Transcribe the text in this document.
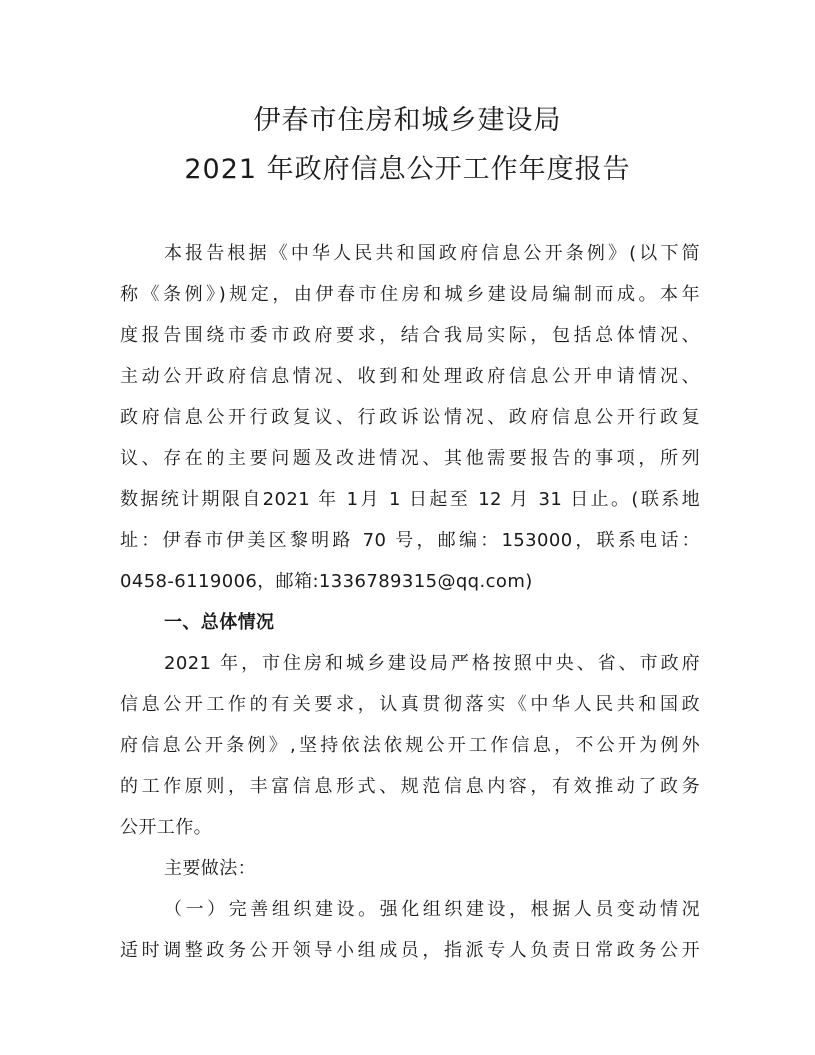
伊春市住房和城乡建设局
2021 年政府信息公开工作年度报告
本报告根据《中华人民共和国政府信息公开条例》(以下简
称《条例》)规定，由伊春市住房和城乡建设局编制而成。本年
度报告围绕市委市政府要求，结合我局实际，包括总体情况、
主动公开政府信息情况、收到和处理政府信息公开申请情况、
政府信息公开行政复议、行政诉讼情况、政府信息公开行政复
议、存在的主要问题及改进情况、其他需要报告的事项，所列
数据统计期限自2021 年 1月 1 日起至 12 月 31 日止。(联系地
址：伊春市伊美区黎明路 70 号，邮编：153000，联系电话：
0458-6119006，邮箱:1336789315@qq.com)
一、总体情况
2021 年，市住房和城乡建设局严格按照中央、省、市政府
信息公开工作的有关要求，认真贯彻落实《中华人民共和国政
府信息公开条例》,坚持依法依规公开工作信息，不公开为例外
的工作原则，丰富信息形式、规范信息内容，有效推动了政务
公开工作。
主要做法：
（一）完善组织建设。强化组织建设，根据人员变动情况
适时调整政务公开领导小组成员，指派专人负责日常政务公开
